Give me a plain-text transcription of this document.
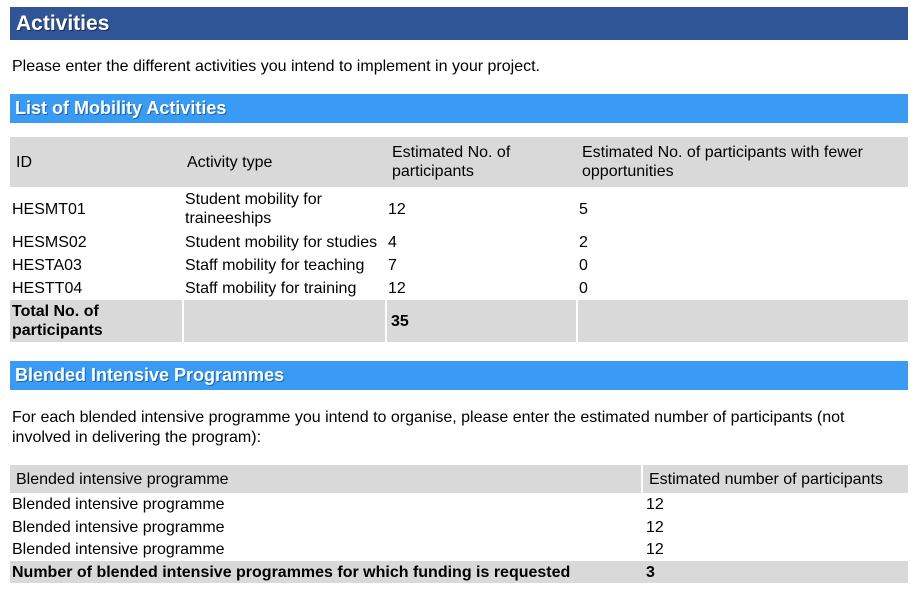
Activities
Please enter the different activities you intend to implement in your project.
List of Mobility Activities
ID	Activity type	Estimated No. of participants	Estimated No. of participants with fewer opportunities
HESMT01	Student mobility for traineeships	12	5
HESMS02	Student mobility for studies	4	2
HESTA03	Staff mobility for teaching	7	0
HESTT04	Staff mobility for training	12	0
Total No. of participants		35	
Blended Intensive Programmes
For each blended intensive programme you intend to organise, please enter the estimated number of participants (not involved in delivering the program):
Blended intensive programme	Estimated number of participants
Blended intensive programme	12
Blended intensive programme	12
Blended intensive programme	12
Number of blended intensive programmes for which funding is requested	3
